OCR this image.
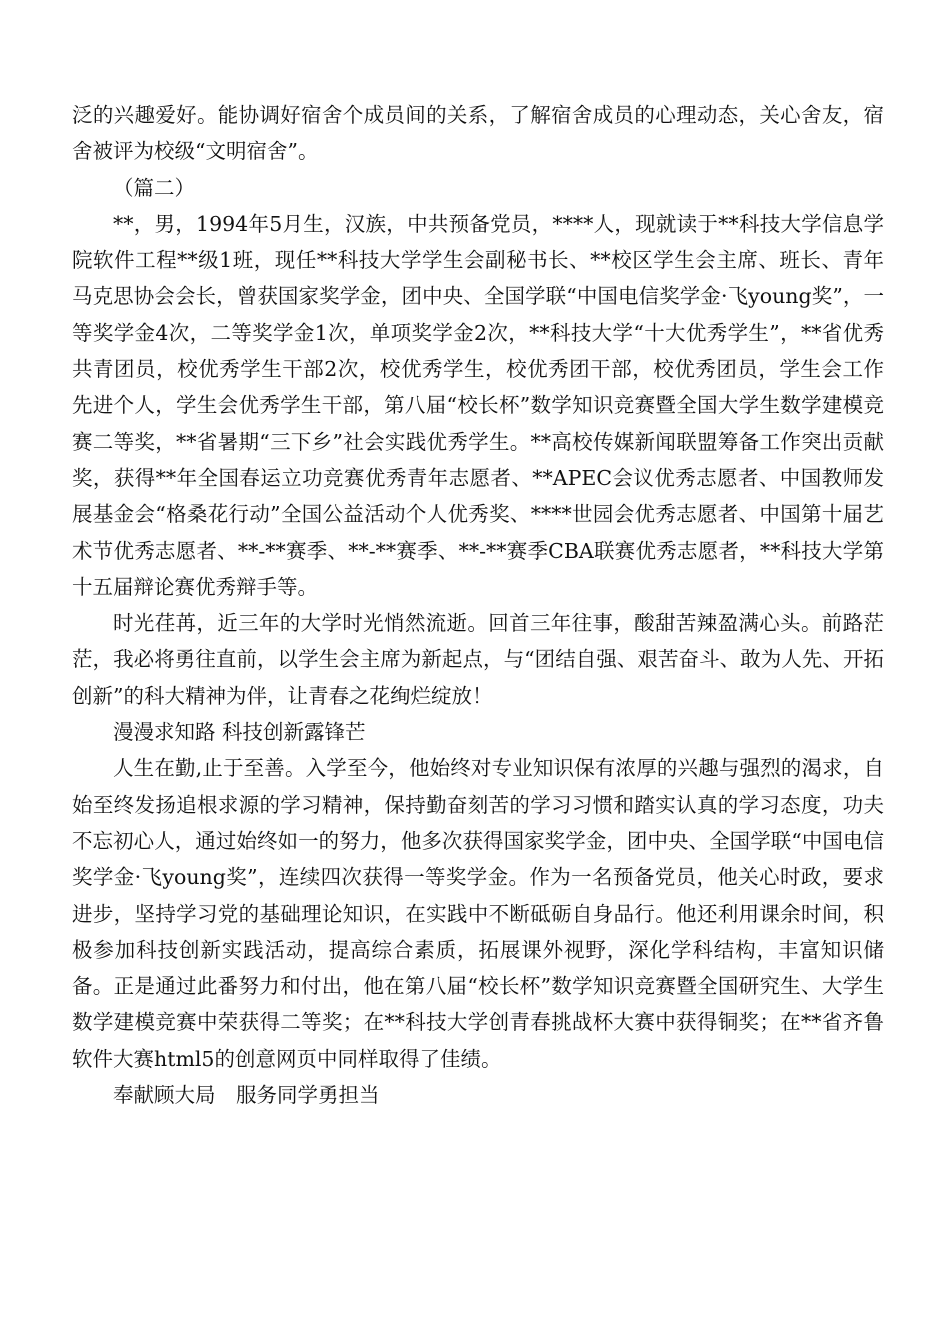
泛的兴趣爱好。能协调好宿舍个成员间的关系，了解宿舍成员的心理动态，关心舍友，宿舍被评为校级“文明宿舍”。

（篇二）

**，男，1994年5月生，汉族，中共预备党员，****人，现就读于**科技大学信息学院软件工程**级1班，现任**科技大学学生会副秘书长、**校区学生会主席、班长、青年马克思协会会长，曾获国家奖学金，团中央、全国学联“中国电信奖学金·飞young奖”，一等奖学金4次，二等奖学金1次，单项奖学金2次，**科技大学“十大优秀学生”，**省优秀共青团员，校优秀学生干部2次，校优秀学生，校优秀团干部，校优秀团员，学生会工作先进个人，学生会优秀学生干部，第八届“校长杯”数学知识竞赛暨全国大学生数学建模竞赛二等奖，**省暑期“三下乡”社会实践优秀学生。**高校传媒新闻联盟筹备工作突出贡献奖，获得**年全国春运立功竞赛优秀青年志愿者、**APEC会议优秀志愿者、中国教师发展基金会“格桑花行动”全国公益活动个人优秀奖、****世园会优秀志愿者、中国第十届艺术节优秀志愿者、**-**赛季、**-**赛季、**-**赛季CBA联赛优秀志愿者，**科技大学第十五届辩论赛优秀辩手等。

时光荏苒，近三年的大学时光悄然流逝。回首三年往事，酸甜苦辣盈满心头。前路茫茫，我必将勇往直前，以学生会主席为新起点，与“团结自强、艰苦奋斗、敢为人先、开拓创新”的科大精神为伴，让青春之花绚烂绽放！

漫漫求知路 科技创新露锋芒

人生在勤,止于至善。入学至今，他始终对专业知识保有浓厚的兴趣与强烈的渴求，自始至终发扬追根求源的学习精神，保持勤奋刻苦的学习习惯和踏实认真的学习态度，功夫不忘初心人，通过始终如一的努力，他多次获得国家奖学金，团中央、全国学联“中国电信奖学金·飞young奖”，连续四次获得一等奖学金。作为一名预备党员，他关心时政，要求进步，坚持学习党的基础理论知识，在实践中不断砥砺自身品行。他还利用课余时间，积极参加科技创新实践活动，提高综合素质，拓展课外视野，深化学科结构，丰富知识储备。正是通过此番努力和付出，他在第八届“校长杯”数学知识竞赛暨全国研究生、大学生数学建模竞赛中荣获得二等奖；在**科技大学创青春挑战杯大赛中获得铜奖；在**省齐鲁软件大赛html5的创意网页中同样取得了佳绩。

奉献顾大局　服务同学勇担当
